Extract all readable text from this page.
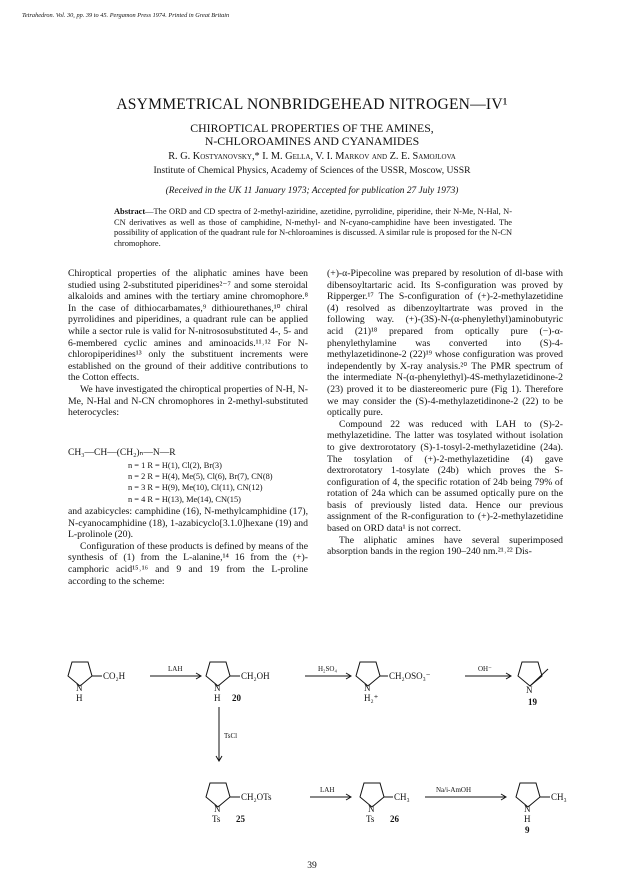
Tetrahedron. Vol. 30, pp. 39 to 45. Pergamon Press 1974. Printed in Great Britain
ASYMMETRICAL NONBRIDGEHEAD NITROGEN—IV¹
CHIROPTICAL PROPERTIES OF THE AMINES,
N-CHLOROAMINES AND CYANAMIDES
R. G. Kostyanovsky,* I. M. Gella, V. I. Markov and Z. E. Samojlova
Institute of Chemical Physics, Academy of Sciences of the USSR, Moscow, USSR
(Received in the UK 11 January 1973; Accepted for publication 27 July 1973)
Abstract—The ORD and CD spectra of 2-methyl-aziridine, azetidine, pyrrolidine, piperidine, their N-Me, N-Hal, N-CN derivatives as well as those of camphidine, N-methyl- and N-cyano-camphidine have been investigated. The possibility of application of the quadrant rule for N-chloroamines is discussed. A similar rule is proposed for the N-CN chromophore.

Chiroptical properties of the aliphatic amines have been studied using 2-substituted piperidines²⁻⁷ and some steroidal alkaloids and amines with the tertiary amine chromophore.⁸ In the case of dithiocarbamates,⁹ dithiourethanes,¹⁰ chiral pyrrolidines and piperidines, a quadrant rule can be applied while a sector rule is valid for N-nitrososubstituted 4-, 5- and 6-membered cyclic amines and aminoacids.¹¹˒¹² For N-chloropiperidines¹³ only the substituent increments were established on the ground of their additive contributions to the Cotton effects.

We have investigated the chiroptical properties of N-H, N-Me, N-Hal and N-CN chromophores in 2-methyl-substituted heterocycles:

CH₃—CH—(CH₂)ₙ—N—R
n = 1 R = H(1), Cl(2), Br(3)
n = 2 R = H(4), Me(5), Cl(6), Br(7), CN(8)
n = 3 R = H(9), Me(10), Cl(11), CN(12)
n = 4 R = H(13), Me(14), CN(15)

and azabicycles: camphidine (16), N-methylcamphidine (17), N-cyanocamphidine (18), 1-azabicyclo[3.1.0]hexane (19) and L-prolinole (20).

Configuration of these products is defined by means of the synthesis of (1) from the L-alanine,¹⁴ 16 from the (+)-camphoric acid¹⁵˒¹⁶ and 9 and 19 from the L-proline according to the scheme:

(+)-α-Pipecoline was prepared by resolution of dl-base with dibensoyltartaric acid. Its S-configuration was proved by Ripperger.¹⁷ The S-configuration of (+)-2-methylazetidine (4) resolved as dibenzoyltartrate was proved in the following way. (+)-(3S)-N-(α-phenylethyl)aminobutyric acid (21)¹⁸ prepared from optically pure (−)-α-phenylethylamine was converted into (S)-4-methylazetidinone-2 (22)¹⁹ whose configuration was proved independently by X-ray analysis.²⁰ The PMR spectrum of the intermediate N-(α-phenylethyl)-4S-methylazetidinone-2 (23) proved it to be diastereomeric pure (Fig 1). Therefore we may consider the (S)-4-methylazetidinone-2 (22) to be optically pure.

Compound 22 was reduced with LAH to (S)-2-methylazetidine. The latter was tosylated without isolation to give dextrorotatory (S)-1-tosyl-2-methylazetidine (24a). The tosylation of (+)-2-methylazetidine (4) gave dextrorotatory 1-tosylate (24b) which proves the S-configuration of 4, the specific rotation of 24b being 79% of rotation of 24a which can be assumed optically pure on the basis of previously listed data. Hence our previous assignment of the R-configuration to (+)-2-methylazetidine based on ORD data¹ is not correct.

The aliphatic amines have several superimposed absorption bands in the region 190–240 nm.²¹˒²² Dis-

CO₂H
N
H
LAH
CH₂OH
N
H 20
H₂SO₄
CH₂OSO₃⁻
N
H₂⁺
OH⁻
N
19
TsCl
CH₂OTs
N
Ts 25
LAH
CH₃
N
Ts 26
Na/i-AmOH
CH₃
N
H
9
39
